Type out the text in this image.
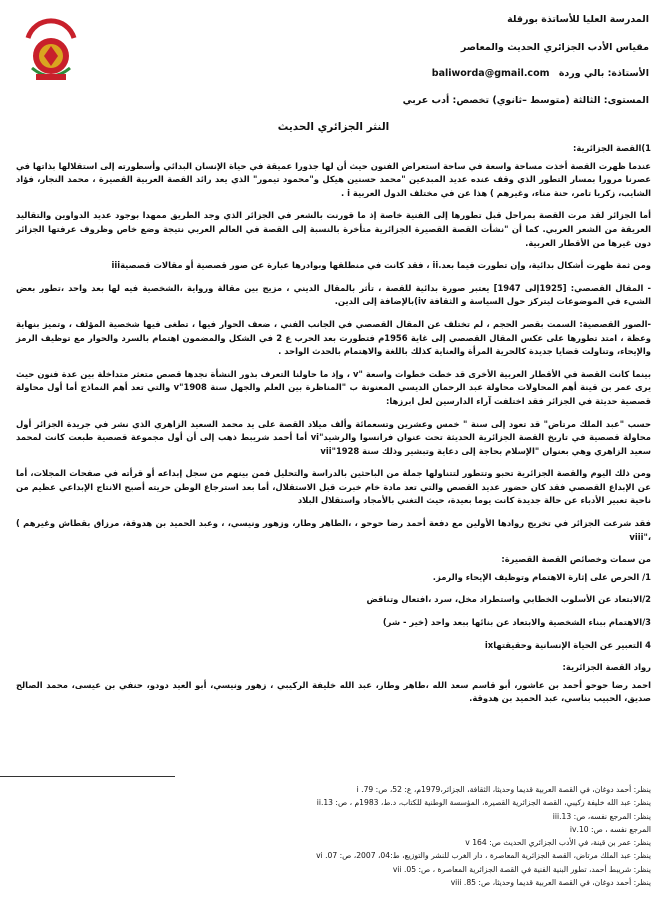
المدرسة العليا للأساتذة بورقلة
مقياس الأدب الجزائري الحديث والمعاصر
الأستاذة: بالي وردة baliworda@gmail.com
المستوى: الثالثة (متوسط –ثانوي) تخصص: أدب عربي
النثر الجزائري الحديث

1)القصة الجزائرية:

عندما ظهرت القصة أخذت مساحة واسعة في ساحة استعراض الفنون حيث أن لها جذورا عميقة في حياة الإنسان البدائي وأسطورته إلى استقلالها بذاتها في عصرنا مرورا بمسار التطور الذي وقف عنده عديد المبدعين "محمد حسنين هيكل و"محمود تيمور" الذي يعد رائد القصة العربية القصيرة ، محمد النجار، فؤاد الشايب، زكريا تامر، حنة مناء، وغيرهم ) هذا عن في مختلف الدول العربية i .

أما الجزائر لقد مرت القصة بمراحل قبل تطورها إلى الفنية خاصة إذ ما قورنت بالشعر في الجزائر الذي وجد الطريق ممهدا بوجود عديد الدواوين والتقاليد العريقة من الشعر العربي. كما أن "نشأت القصة القصيرة الجزائرية متأخرة بالنسبة إلى القصة في العالم العربي نتيجة وضع خاص وظروف عرفتها الجزائر دون غيرها من الأقطار العربية.

ومن ثمة ظهرت أشكال بدائية، وإن تطورت فيما بعد.ii ، فقد كانت في منطلقها وبوادرها عبارة عن صور قصصية أو مقالات قصصيةiii

- المقال القصصي: [1925إلى 1947] يعتبر صورة بدائية للقصة ، تأثر بالمقال الديني ، مزيج بين مقالة ورواية ،الشخصية فيه لها بعد واحد ،تطور بعض الشيء في الموضوعات ليتركز حول السياسة و الثقافة iv)بالإضافة إلى الدين.

-الصور القصصية: السمت بقصر الحجم ، لم تختلف عن المقال القصصي في الجانب الفني ، ضعف الحوار فيها ، تطغى فيها شخصية المؤلف ، وتميز بنهاية وعظة ، امتد تطورها على عكس المقال القصصي إلى غاية 1956م فتطورت بعد الحرب ع 2 في الشكل والمضمون اهتمام بالسرد والحوار مع توظيف الرمز والإيحاء، وتناولت قضايا جديدة كالحرية المرأة والعناية كذلك باللغة والاهتمام بالحدث الواحد .

بينما كانت القصة في الأقطار العربية الأخرى قد خطت خطوات واسعة "v ، وإذ ما حاولنا التعرف بذور النشأة نجدها قصص متعثر متداخلة بين عدة فنون حيث يرى عمر بن قينة أهم المحاولات محاولة عبد الرحمان الديسي المعنونة ب "المناظرة بين العلم والجهل سنة 1908"v والتي تعد أهم النماذج أما أول محاولة قصصية حديثة في الجزائر فقد اختلفت آراء الدارسين لعل ابرزها:

حسب "عبد الملك مرتاض" قد تعود إلى سنة " خمس وعشرين وتسعمائة وألف ميلاد القصة على يد محمد السعيد الزاهري الذي نشر في جريدة الجزائر أول محاولة قصصية في تاريخ القصة الجزائرية الحديثة تحت عنوان فرانسوا والرشيد"vi أما أحمد شريبط ذهب إلى أن أول مجموعة قصصية طبعت كانت لمحمد سعيد الزاهري وهي بعنوان "الإسلام بحاجة إلى دعاية وتبشير وذلك سنة 1928"vii

ومن ذلك اليوم والقصة الجزائرية تحبو وتتطور لتتناولها جملة من الباحثين بالدراسة والتحليل فمن بينهم من سجل إبداعه أو قرأته في صفحات المجلات، أما عن الإبداع القصصي فقد كان حضور عديد القصص والتي تعد مادة خام خبرت قبل الاستقلال، أما بعد استرجاع الوطن حريته أصبح الانتاج الإبداعي عظيم من ناحية تعبير الأدباء عن حالة جديدة كانت يوما بعيدة، حيث التغني بالأمجاد واستقلال البلاد

فقد شرعت الجزائر في تخريج روادها الأولين مع دفعة أحمد رضا حوحو ، ،الطاهر وطار، وزهور ونيسي، ، وعبد الحميد بن هدوقة، مرزاق بقطاش وغيرهم ) ،"viii

من سمات وخصائص القصة القصيرة:

1/ الحرص على إثارة الاهتمام وتوظيف الإيحاء والرمز.

2/الابتعاد عن الأسلوب الخطابي واستطراد مخل، سرد ،افتعال وتناقض

3/الاهتمام ببناء الشخصية والابتعاد عن بنائها ببعد واحد (خير - شر)

4 التعبير عن الحياة الإنسانية وحقيقتهاix

رواد القصة الجزائرية:

احمد رضا حوحو أحمد بن عاشور، أبو قاسم سعد الله ،طاهر وطار، عبد الله خليفة الركيبي ، زهور ونيسي، أبو العيد دودو، حنفي بن عيسى، محمد الصالح صديق، الحبيب بناسي، عبد الحميد بن هدوقة.

ينظر: أحمد دوغان، في القصة العربية قديما وحديثا، الثقافة، الجزائر،1979م، ع: 52، ص: 79. i
ينظر: عبد الله خليفة ركيبي، القصة الجزائرية القصيرة، المؤسسة الوطنية للكتاب، د.ط، 1983م ، ص: ii.13
ينظر: المرجع نفسه، ص: 13.iii
المرجع نفسه ، ص: 10.iv
ينظر: عمر بن قينة، في الأدب الجزائري الحديث ص: 164 v
ينظر: عبد الملك مرتاض، القصة الجزائرية المعاصرة ، دار الغرب للنشر والتوزيع، ط:04، 2007، ص: 07. vi
ينظر: شريبط أحمد، تطور البنية الفنية في القصة الجزائرية المعاصرة ، ص: 05. vii
ينظر: أحمد دوغان، في القصة العربية قديما وحديثا، ص: 85. viii
